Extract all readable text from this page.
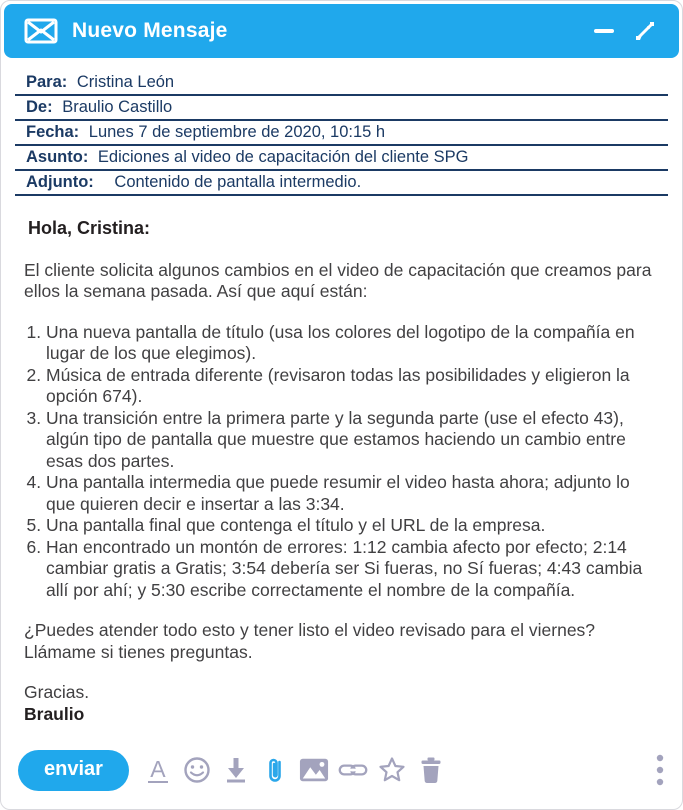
Nuevo Mensaje
Para: Cristina León
De: Braulio Castillo
Fecha: Lunes 7 de septiembre de 2020, 10:15 h
Asunto: Ediciones al video de capacitación del cliente SPG
Adjunto: Contenido de pantalla intermedio.
Hola, Cristina:

El cliente solicita algunos cambios en el video de capacitación que creamos para ellos la semana pasada. Así que aquí están:

1. Una nueva pantalla de título (usa los colores del logotipo de la compañía en lugar de los que elegimos).
2. Música de entrada diferente (revisaron todas las posibilidades y eligieron la opción 674).
3. Una transición entre la primera parte y la segunda parte (use el efecto 43), algún tipo de pantalla que muestre que estamos haciendo un cambio entre esas dos partes.
4. Una pantalla intermedia que puede resumir el video hasta ahora; adjunto lo que quieren decir e insertar a las 3:34.
5. Una pantalla final que contenga el título y el URL de la empresa.
6. Han encontrado un montón de errores: 1:12 cambia afecto por efecto; 2:14 cambiar gratis a Gratis; 3:54 debería ser Si fueras, no Sí fueras; 4:43 cambia allí por ahí; y 5:30 escribe correctamente el nombre de la compañía.

¿Puedes atender todo esto y tener listo el video revisado para el viernes? Llámame si tienes preguntas.

Gracias.
Braulio
enviar	A
